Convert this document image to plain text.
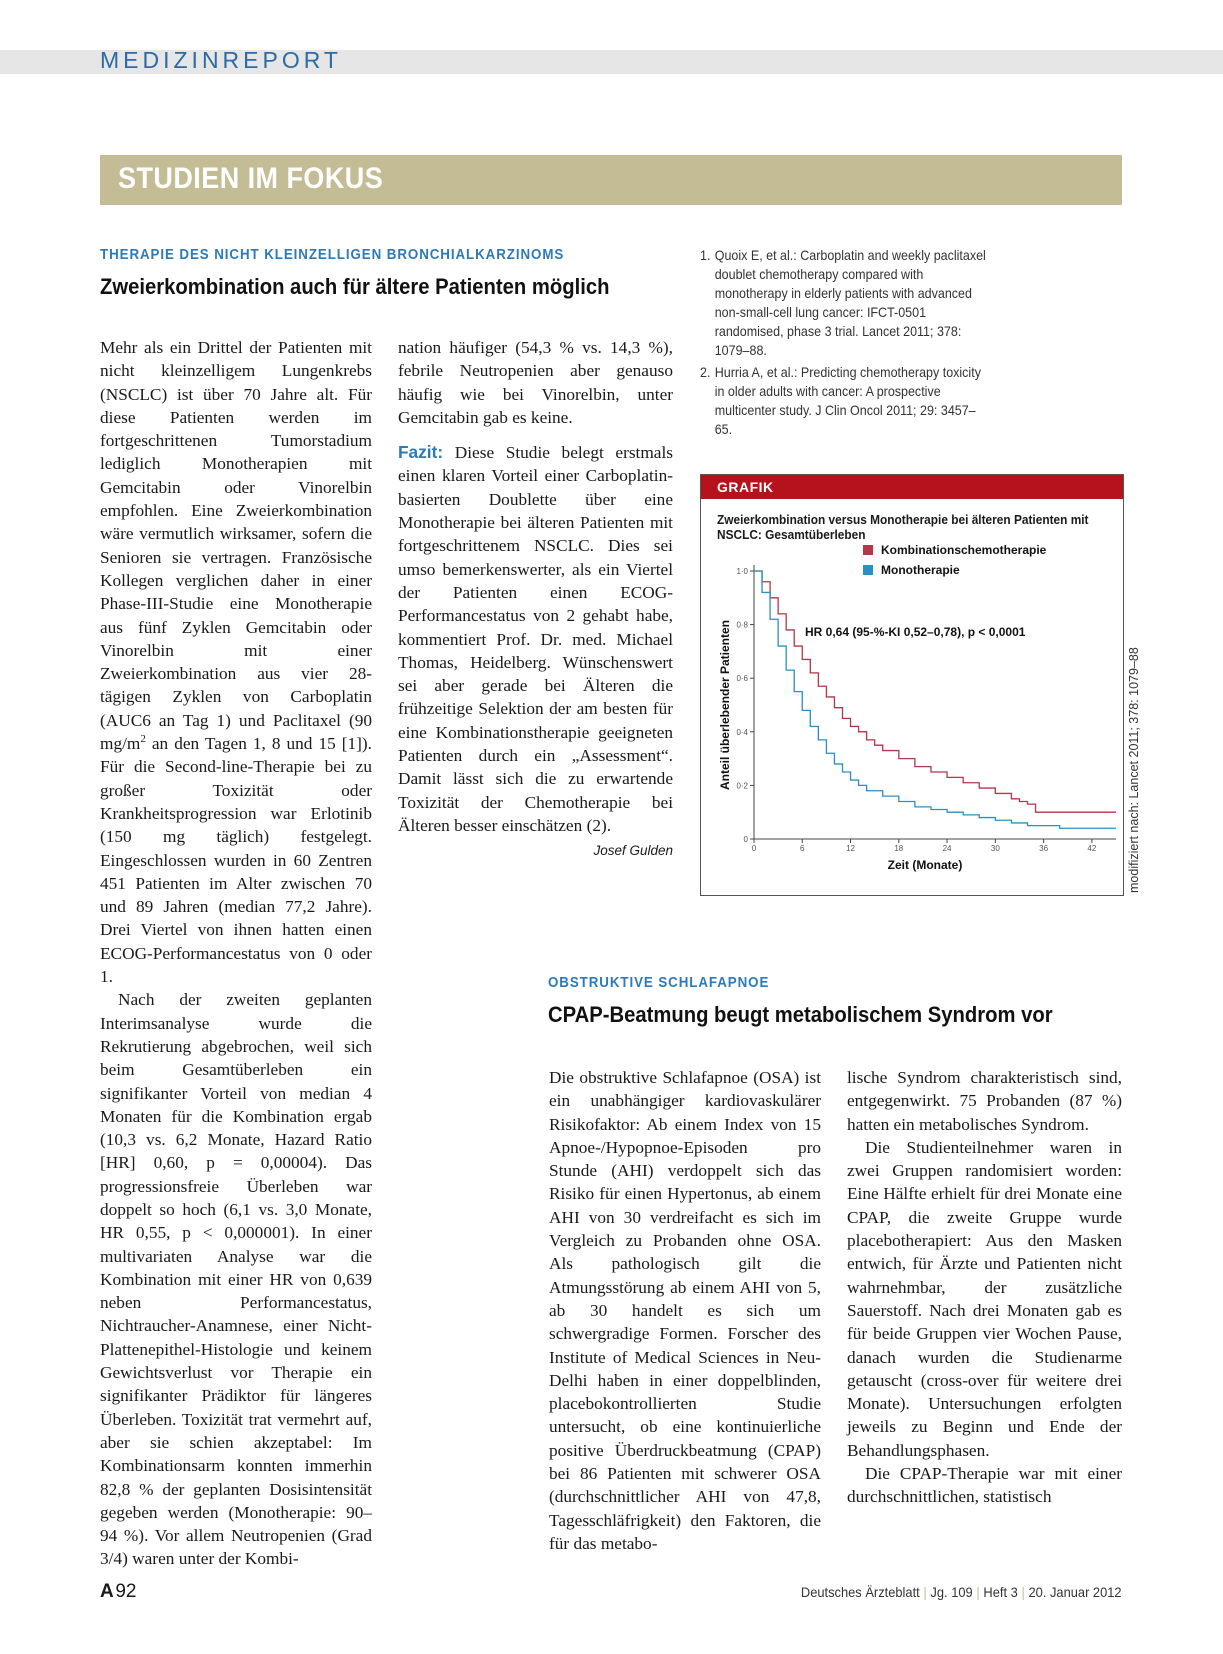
MEDIZINREPORT
STUDIEN IM FOKUS
THERAPIE DES NICHT KLEINZELLIGEN BRONCHIALKARZINOMS
Zweierkombination auch für ältere Patienten möglich

Mehr als ein Drittel der Patienten mit nicht kleinzelligem Lungenkrebs (NSCLC) ist über 70 Jahre alt. Für diese Patienten werden im fortgeschrittenen Tumorstadium lediglich Monotherapien mit Gemcitabin oder Vinorelbin empfohlen. Eine Zweierkombination wäre vermutlich wirksamer, sofern die Senioren sie vertragen. Französische Kollegen verglichen daher in einer Phase-III-Studie eine Monotherapie aus fünf Zyklen Gemcitabin oder Vinorelbin mit einer Zweierkombination aus vier 28-tägigen Zyklen von Carboplatin (AUC6 an Tag 1) und Paclitaxel (90 $mg/m^2$ an den Tagen 1, 8 und 15 [1]). Für die Second-line-Therapie bei zu großer Toxizität oder Krankheitsprogression war Erlotinib (150 mg täglich) festgelegt. Eingeschlossen wurden in 60 Zentren 451 Patienten im Alter zwischen 70 und 89 Jahren (median 77,2 Jahre). Drei Viertel von ihnen hatten einen ECOG-Performancestatus von 0 oder 1.

Nach der zweiten geplanten Interimsanalyse wurde die Rekrutierung abgebrochen, weil sich beim Gesamtüberleben ein signifikanter Vorteil von median 4 Monaten für die Kombination ergab (10,3 vs. 6,2 Monate, Hazard Ratio [HR] 0,60, p = 0,00004). Das progressionsfreie Überleben war doppelt so hoch (6,1 vs. 3,0 Monate, HR 0,55, p < 0,000001). In einer multivariaten Analyse war die Kombination mit einer HR von 0,639 neben Performancestatus, Nichtraucher-Anamnese, einer Nicht-Plattenepithel-Histologie und keinem Gewichtsverlust vor Therapie ein signifikanter Prädiktor für längeres Überleben. Toxizität trat vermehrt auf, aber sie schien akzeptabel: Im Kombinationsarm konnten immerhin 82,8 % der geplanten Dosisintensität gegeben werden (Monotherapie: 90–94 %). Vor allem Neutropenien (Grad 3/4) waren unter der Kombi-

nation häufiger (54,3 % vs. 14,3 %), febrile Neutropenien aber genauso häufig wie bei Vinorelbin, unter Gemcitabin gab es keine.

Fazit: Diese Studie belegt erstmals einen klaren Vorteil einer Carboplatin-basierten Doublette über eine Monotherapie bei älteren Patienten mit fortgeschrittenem NSCLC. Dies sei umso bemerkenswerter, als ein Viertel der Patienten einen ECOG-Performancestatus von 2 gehabt habe, kommentiert Prof. Dr. med. Michael Thomas, Heidelberg. Wünschenswert sei aber gerade bei Älteren die frühzeitige Selektion der am besten für eine Kombinationstherapie geeigneten Patienten durch ein „Assessment“. Damit lässt sich die zu erwartende Toxizität der Chemotherapie bei Älteren besser einschätzen (2).

Josef Gulden
1. Quoix E, et al.: Carboplatin and weekly paclitaxel doublet chemotherapy compared with monotherapy in elderly patients with advanced non-small-cell lung cancer: IFCT-0501 randomised, phase 3 trial. Lancet 2011; 378: 1079–88.
2. Hurria A, et al.: Predicting chemotherapy toxicity in older adults with cancer: A prospective multicenter study. J Clin Oncol 2011; 29: 3457–65.
GRAFIK
Zweierkombination versus Monotherapie bei älteren Patienten mit NSCLC: Gesamtüberleben
0
0·2
0·4
0·6
0·8
1·0
0	6	12	18	24	30	36	42
Zeit (Monate)
Anteil überlebender Patienten
Kombinationschemotherapie
Monotherapie
HR 0,64 (95-%-KI 0,52–0,78), p < 0,0001
modifiziert nach: Lancet 2011; 378: 1079–88
OBSTRUKTIVE SCHLAFAPNOE
CPAP-Beatmung beugt metabolischem Syndrom vor

Die obstruktive Schlafapnoe (OSA) ist ein unabhängiger kardiovaskulärer Risikofaktor: Ab einem Index von 15 Apnoe-/Hypopnoe-Episoden pro Stunde (AHI) verdoppelt sich das Risiko für einen Hypertonus, ab einem AHI von 30 verdreifacht es sich im Vergleich zu Probanden ohne OSA. Als pathologisch gilt die Atmungsstörung ab einem AHI von 5, ab 30 handelt es sich um schwergradige Formen. Forscher des Institute of Medical Sciences in Neu-Delhi haben in einer doppelblinden, placebokontrollierten Studie untersucht, ob eine kontinuierliche positive Überdruckbeatmung (CPAP) bei 86 Patienten mit schwerer OSA (durchschnittlicher AHI von 47,8, Tagesschläfrigkeit) den Faktoren, die für das metabo-

lische Syndrom charakteristisch sind, entgegenwirkt. 75 Probanden (87 %) hatten ein metabolisches Syndrom.

Die Studienteilnehmer waren in zwei Gruppen randomisiert worden: Eine Hälfte erhielt für drei Monate eine CPAP, die zweite Gruppe wurde placebotherapiert: Aus den Masken entwich, für Ärzte und Patienten nicht wahrnehmbar, der zusätzliche Sauerstoff. Nach drei Monaten gab es für beide Gruppen vier Wochen Pause, danach wurden die Studienarme getauscht (cross-over für weitere drei Monate). Untersuchungen erfolgten jeweils zu Beginn und Ende der Behandlungsphasen.

Die CPAP-Therapie war mit einer durchschnittlichen, statistisch

A 92	Deutsches Ärzteblatt | Jg. 109 | Heft 3 | 20. Januar 2012
